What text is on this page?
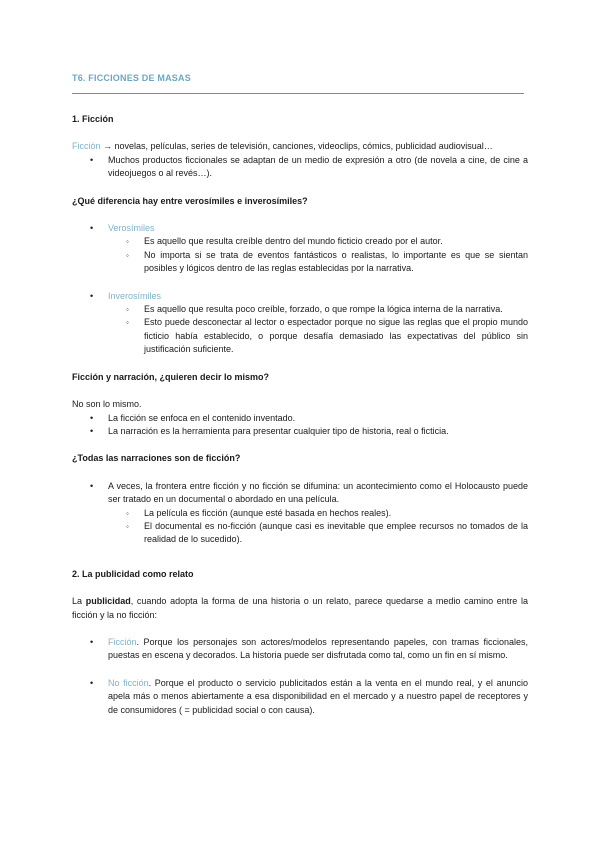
T6. FICCIONES DE MASAS
1. Ficción

Ficción → novelas, películas, series de televisión, canciones, videoclips, cómics, publicidad audiovisual…

• Muchos productos ficcionales se adaptan de un medio de expresión a otro (de novela a cine, de cine a videojuegos o al revés…).
¿Qué diferencia hay entre verosímiles e inverosímiles?
• Verosímiles
◦ Es aquello que resulta creíble dentro del mundo ficticio creado por el autor.
◦ No importa si se trata de eventos fantásticos o realistas, lo importante es que se sientan posibles y lógicos dentro de las reglas establecidas por la narrativa.
• Inverosímiles
◦ Es aquello que resulta poco creíble, forzado, o que rompe la lógica interna de la narrativa.
◦ Esto puede desconectar al lector o espectador porque no sigue las reglas que el propio mundo ficticio había establecido, o porque desafía demasiado las expectativas del público sin justificación suficiente.
Ficción y narración, ¿quieren decir lo mismo?

No son lo mismo.

• La ficción se enfoca en el contenido inventado.
• La narración es la herramienta para presentar cualquier tipo de historia, real o ficticia.
¿Todas las narraciones son de ficción?
• A veces, la frontera entre ficción y no ficción se difumina: un acontecimiento como el Holocausto puede ser tratado en un documental o abordado en una película.
◦ La película es ficción (aunque esté basada en hechos reales).
◦ El documental es no-ficción (aunque casi es inevitable que emplee recursos no tomados de la realidad de lo sucedido).
2. La publicidad como relato

La publicidad, cuando adopta la forma de una historia o un relato, parece quedarse a medio camino entre la ficción y la no ficción:

• Ficción. Porque los personajes son actores/modelos representando papeles, con tramas ficcionales, puestas en escena y decorados. La historia puede ser disfrutada como tal, como un fin en sí mismo.
• No ficción. Porque el producto o servicio publicitados están a la venta en el mundo real, y el anuncio apela más o menos abiertamente a esa disponibilidad en el mercado y a nuestro papel de receptores y de consumidores ( = publicidad social o con causa).
